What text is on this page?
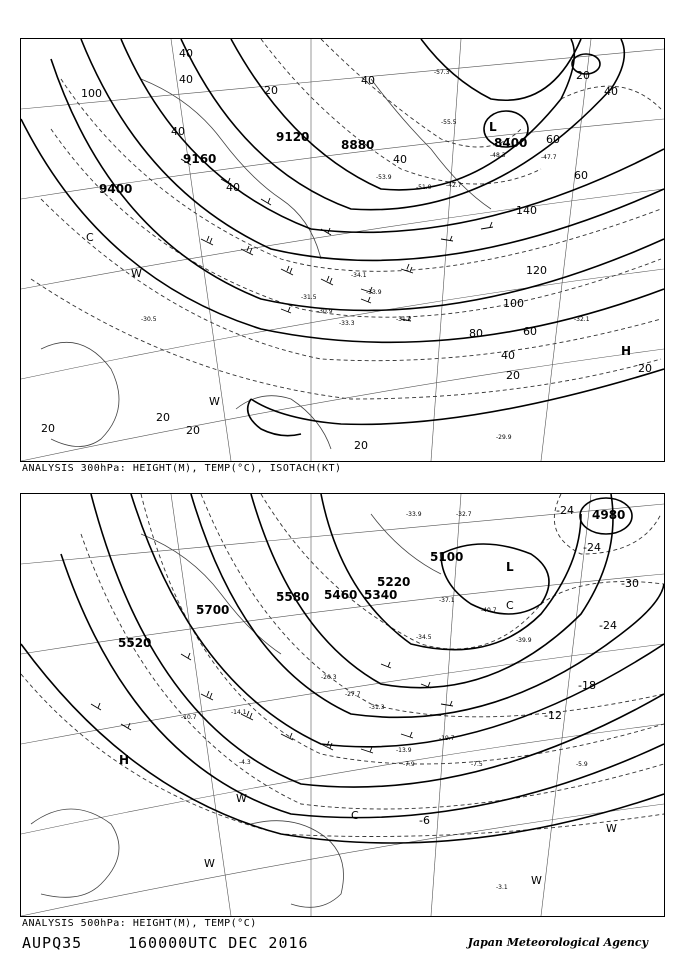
9120
8880	8400
9160
9400
40
40
100
40
40
20
140
120
100
80	60
40
20
60
60
40
20
20
20
20
20
20
40
40
L
H
C
W
W
-57.3
-55.5
-53.9
-51.9
-48.3
-42.7
-47.7
-34.1
-31.5
-30.9
-33.3
-32.1
-31.2
-29.9
-33.9
-30.5
ANALYSIS 300hPa: HEIGHT(M), TEMP(°C), ISOTACH(KT)
5700
5460 5340
5100
4980
5520
5580
5220
-24
-24
-30
-24
-18
-12
-6
H
L
C
C
W
W
W
W
-32.7
-33.9
-34.5
-37.1
-40.7
-39.9
-31.3
-27.7
-19.7
-13.9
-7.9	-7.5	-5.9
-3.1
-14.1
-20.3
-10.7
-4.3
ANALYSIS 500hPa: HEIGHT(M), TEMP(°C)
AUPQ35	160000UTC DEC 2016	Japan Meteorological Agency
